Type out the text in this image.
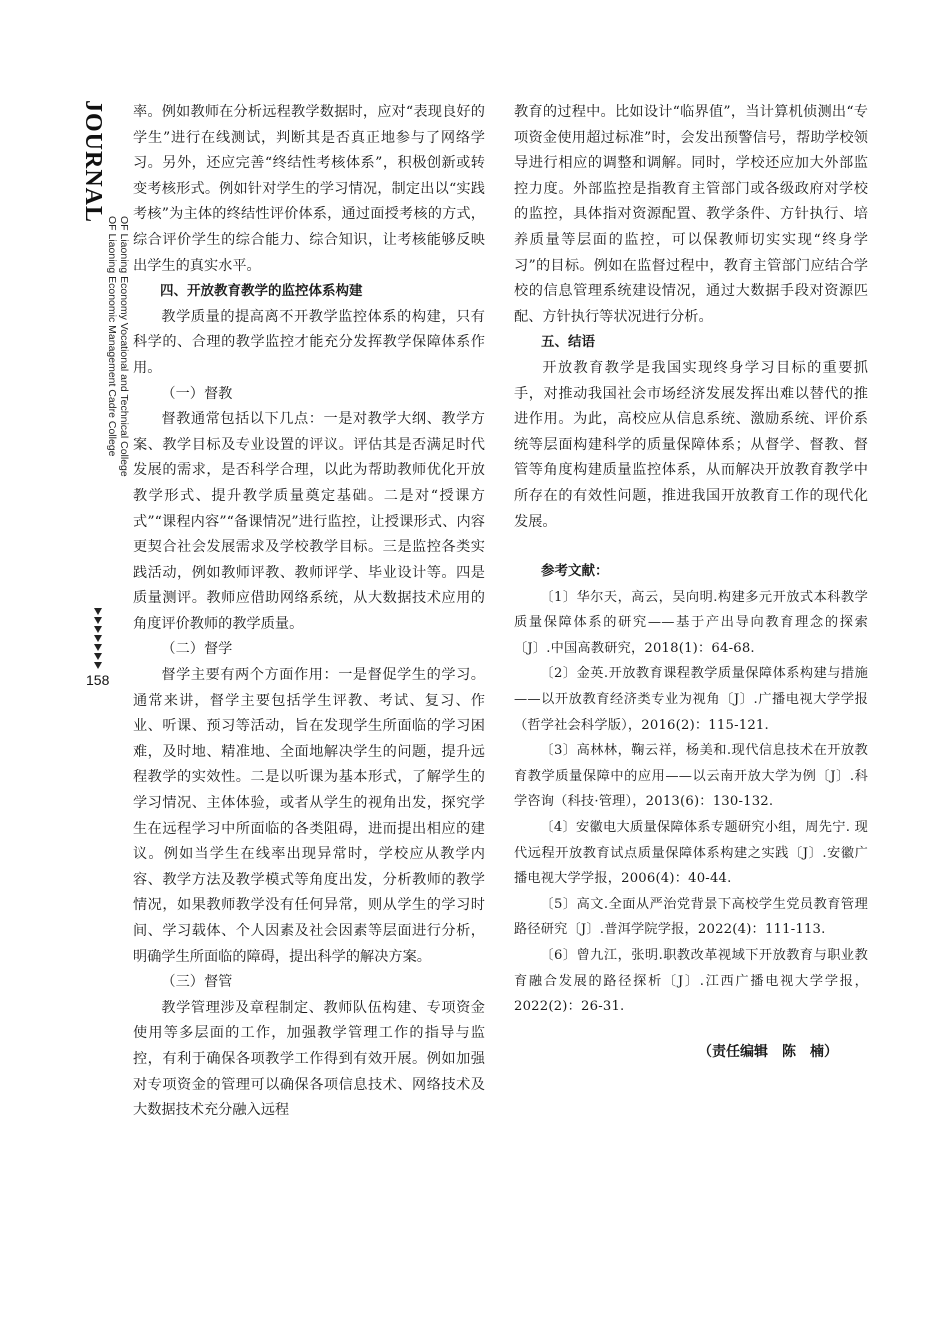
JOURNAL
OF Liaoning Economy Vocational and Technical College
OF Liaoning Economic Management Cadre College
158

率。例如教师在分析远程教学数据时，应对“表现良好的学生”进行在线测试，判断其是否真正地参与了网络学习。另外，还应完善“终结性考核体系”，积极创新或转变考核形式。例如针对学生的学习情况，制定出以“实践考核”为主体的终结性评价体系，通过面授考核的方式，综合评价学生的综合能力、综合知识，让考核能够反映出学生的真实水平。

四、开放教育教学的监控体系构建

教学质量的提高离不开教学监控体系的构建，只有科学的、合理的教学监控才能充分发挥教学保障体系作用。

（一）督教

督教通常包括以下几点：一是对教学大纲、教学方案、教学目标及专业设置的评议。评估其是否满足时代发展的需求，是否科学合理，以此为帮助教师优化开放教学形式、提升教学质量奠定基础。二是对“授课方式”“课程内容”“备课情况”进行监控，让授课形式、内容更契合社会发展需求及学校教学目标。三是监控各类实践活动，例如教师评教、教师评学、毕业设计等。四是质量测评。教师应借助网络系统，从大数据技术应用的角度评价教师的教学质量。

（二）督学

督学主要有两个方面作用：一是督促学生的学习。通常来讲，督学主要包括学生评教、考试、复习、作业、听课、预习等活动，旨在发现学生所面临的学习困难，及时地、精准地、全面地解决学生的问题，提升远程教学的实效性。二是以听课为基本形式，了解学生的学习情况、主体体验，或者从学生的视角出发，探究学生在远程学习中所面临的各类阻碍，进而提出相应的建议。例如当学生在线率出现异常时，学校应从教学内容、教学方法及教学模式等角度出发，分析教师的教学情况，如果教师教学没有任何异常，则从学生的学习时间、学习载体、个人因素及社会因素等层面进行分析，明确学生所面临的障碍，提出科学的解决方案。

（三）督管

教学管理涉及章程制定、教师队伍构建、专项资金使用等多层面的工作，加强教学管理工作的指导与监控，有利于确保各项教学工作得到有效开展。例如加强对专项资金的管理可以确保各项信息技术、网络技术及大数据技术充分融入远程

教育的过程中。比如设计“临界值”，当计算机侦测出“专项资金使用超过标准”时，会发出预警信号，帮助学校领导进行相应的调整和调解。同时，学校还应加大外部监控力度。外部监控是指教育主管部门或各级政府对学校的监控，具体指对资源配置、教学条件、方针执行、培养质量等层面的监控，可以保教师切实实现“终身学习”的目标。例如在监督过程中，教育主管部门应结合学校的信息管理系统建设情况，通过大数据手段对资源匹配、方针执行等状况进行分析。

五、结语

开放教育教学是我国实现终身学习目标的重要抓手，对推动我国社会市场经济发展发挥出难以替代的推进作用。为此，高校应从信息系统、激励系统、评价系统等层面构建科学的质量保障体系；从督学、督教、督管等角度构建质量监控体系，从而解决开放教育教学中所存在的有效性问题，推进我国开放教育工作的现代化发展。

参考文献：

〔1〕华尔天，高云，吴向明.构建多元开放式本科教学质量保障体系的研究——基于产出导向教育理念的探索〔J〕.中国高教研究，2018(1)：64-68.

〔2〕金英.开放教育课程教学质量保障体系构建与措施——以开放教育经济类专业为视角〔J〕.广播电视大学学报（哲学社会科学版），2016(2)：115-121.

〔3〕高林林，鞠云祥，杨美和.现代信息技术在开放教育教学质量保障中的应用——以云南开放大学为例〔J〕.科学咨询（科技·管理），2013(6)：130-132.

〔4〕安徽电大质量保障体系专题研究小组，周先宁. 现代远程开放教育试点质量保障体系构建之实践〔J〕.安徽广播电视大学学报，2006(4)：40-44.

〔5〕高文.全面从严治党背景下高校学生党员教育管理路径研究〔J〕.普洱学院学报，2022(4)：111-113.

〔6〕曾九江，张明.职教改革视域下开放教育与职业教育融合发展的路径探析〔J〕.江西广播电视大学学报，2022(2)：26-31.

（责任编辑　陈　楠）
